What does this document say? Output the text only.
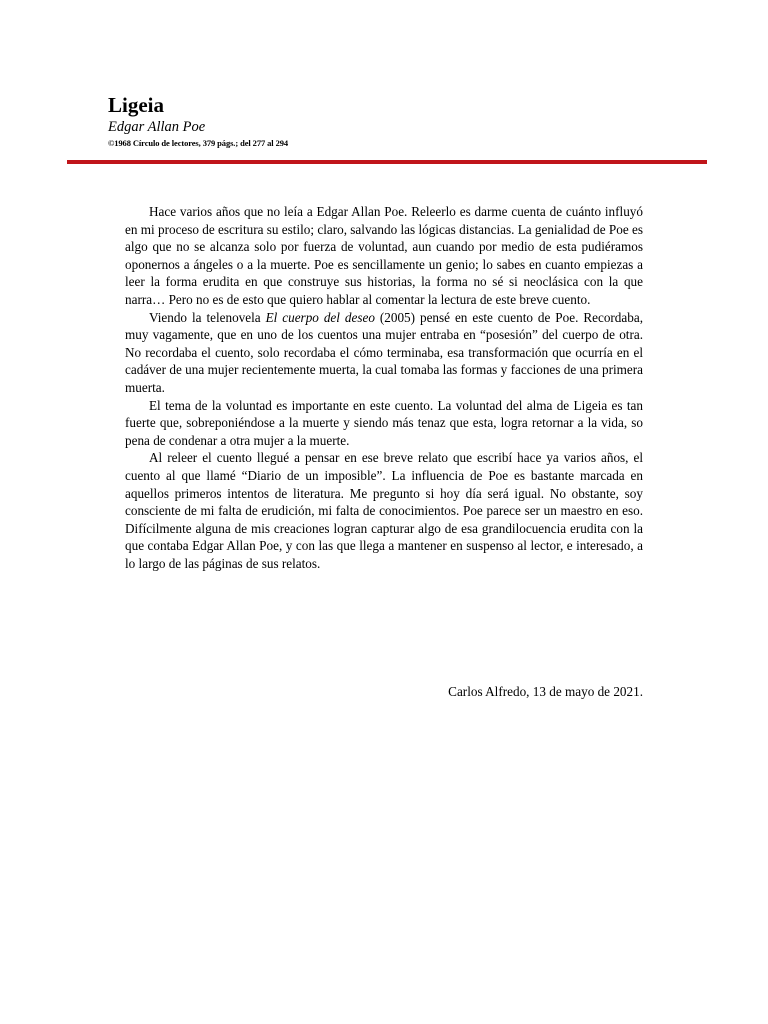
Ligeia
Edgar Allan Poe
©1968 Círculo de lectores, 379 págs.; del 277 al 294

Hace varios años que no leía a Edgar Allan Poe. Releerlo es darme cuenta de cuánto influyó en mi proceso de escritura su estilo; claro, salvando las lógicas distancias. La genialidad de Poe es algo que no se alcanza solo por fuerza de voluntad, aun cuando por medio de esta pudiéramos oponernos a ángeles o a la muerte. Poe es sencillamente un genio; lo sabes en cuanto empiezas a leer la forma erudita en que construye sus historias, la forma no sé si neoclásica con la que narra… Pero no es de esto que quiero hablar al comentar la lectura de este breve cuento.

Viendo la telenovela El cuerpo del deseo (2005) pensé en este cuento de Poe. Recordaba, muy vagamente, que en uno de los cuentos una mujer entraba en “posesión” del cuerpo de otra. No recordaba el cuento, solo recordaba el cómo terminaba, esa transformación que ocurría en el cadáver de una mujer recientemente muerta, la cual tomaba las formas y facciones de una primera muerta.

El tema de la voluntad es importante en este cuento. La voluntad del alma de Ligeia es tan fuerte que, sobreponiéndose a la muerte y siendo más tenaz que esta, logra retornar a la vida, so pena de condenar a otra mujer a la muerte.

Al releer el cuento llegué a pensar en ese breve relato que escribí hace ya varios años, el cuento al que llamé “Diario de un imposible”. La influencia de Poe es bastante marcada en aquellos primeros intentos de literatura. Me pregunto si hoy día será igual. No obstante, soy consciente de mi falta de erudición, mi falta de conocimientos. Poe parece ser un maestro en eso. Difícilmente alguna de mis creaciones logran capturar algo de esa grandilocuencia erudita con la que contaba Edgar Allan Poe, y con las que llega a mantener en suspenso al lector, e interesado, a lo largo de las páginas de sus relatos.

Carlos Alfredo, 13 de mayo de 2021.
